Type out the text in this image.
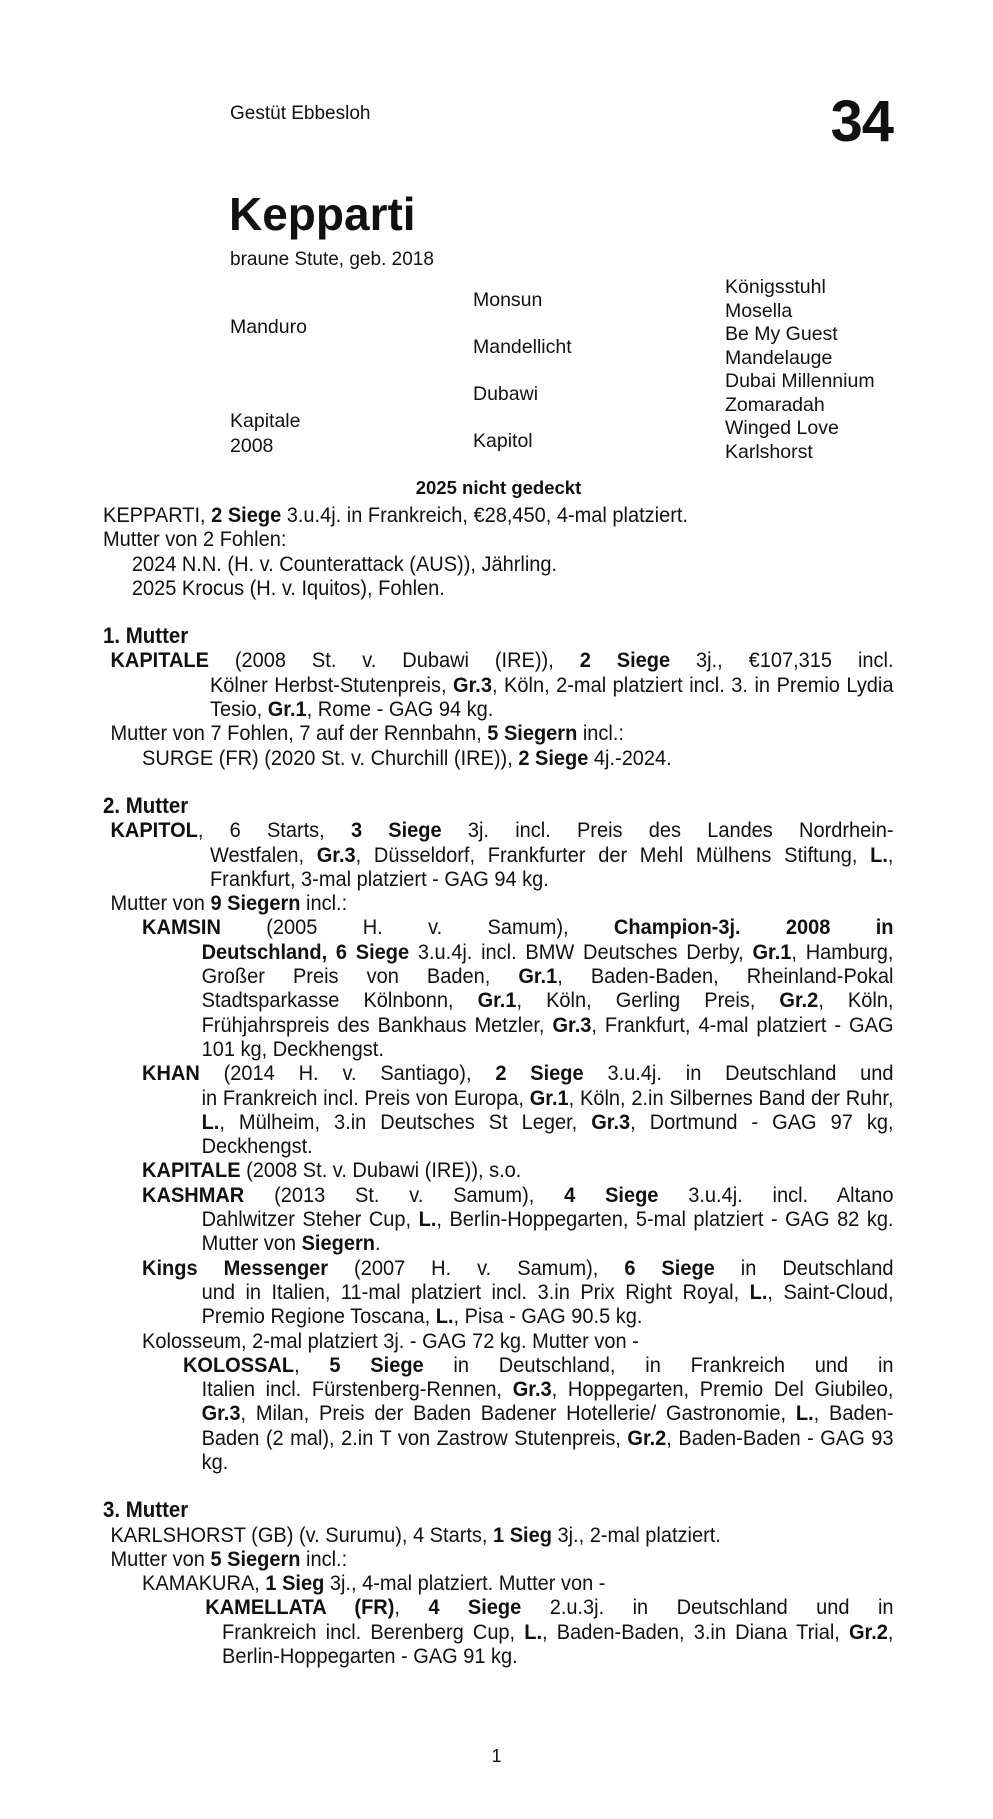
Gestüt Ebbesloh	34
Kepparti
braune Stute, geb. 2018
Manduro
Kapitale
2008
Monsun
Mandellicht
Dubawi
Kapitol
Königsstuhl
Mosella
Be My Guest
Mandelauge
Dubai Millennium
Zomaradah
Winged Love
Karlshorst
2025 nicht gedeckt

KEPPARTI, 2 Siege 3.u.4j. in Frankreich, €28,450, 4-mal platziert.

Mutter von 2 Fohlen:

2024 N.N. (H. v. Counterattack (AUS)), Jährling.

2025 Krocus (H. v. Iquitos), Fohlen.

1. Mutter

KAPITALE (2008 St. v. Dubawi (IRE)), 2 Siege 3j., €107,315 incl.
Kölner Herbst-Stutenpreis, Gr.3, Köln, 2-mal platziert incl. 3. in Premio Lydia Tesio, Gr.1, Rome - GAG 94 kg.

Mutter von 7 Fohlen, 7 auf der Rennbahn, 5 Siegern incl.:

SURGE (FR) (2020 St. v. Churchill (IRE)), 2 Siege 4j.-2024.

2. Mutter

KAPITOL, 6 Starts, 3 Siege 3j. incl. Preis des Landes Nordrhein-
Westfalen, Gr.3, Düsseldorf, Frankfurter der Mehl Mülhens Stiftung, L., Frankfurt, 3-mal platziert - GAG 94 kg.

Mutter von 9 Siegern incl.:

KAMSIN (2005 H. v. Samum), Champion-3j. 2008 in
Deutschland, 6 Siege 3.u.4j. incl. BMW Deutsches Derby, Gr.1, Hamburg, Großer Preis von Baden, Gr.1, Baden-Baden, Rheinland-Pokal Stadtsparkasse Kölnbonn, Gr.1, Köln, Gerling Preis, Gr.2, Köln, Frühjahrspreis des Bankhaus Metzler, Gr.3, Frankfurt, 4-mal platziert - GAG 101 kg, Deckhengst.
KHAN (2014 H. v. Santiago), 2 Siege 3.u.4j. in Deutschland und
in Frankreich incl. Preis von Europa, Gr.1, Köln, 2.in Silbernes Band der Ruhr, L., Mülheim, 3.in Deutsches St Leger, Gr.3, Dortmund - GAG 97 kg, Deckhengst.

KAPITALE (2008 St. v. Dubawi (IRE)), s.o.

KASHMAR (2013 St. v. Samum), 4 Siege 3.u.4j. incl. Altano
Dahlwitzer Steher Cup, L., Berlin-Hoppegarten, 5-mal platziert - GAG 82 kg. Mutter von Siegern.
Kings Messenger (2007 H. v. Samum), 6 Siege in Deutschland
und in Italien, 11-mal platziert incl. 3.in Prix Right Royal, L., Saint-Cloud, Premio Regione Toscana, L., Pisa - GAG 90.5 kg.

Kolosseum, 2-mal platziert 3j. - GAG 72 kg. Mutter von -

KOLOSSAL, 5 Siege in Deutschland, in Frankreich und in
Italien incl. Fürstenberg-Rennen, Gr.3, Hoppegarten, Premio Del Giubileo, Gr.3, Milan, Preis der Baden Badener Hotellerie/ Gastronomie, L., Baden-Baden (2 mal), 2.in T von Zastrow Stutenpreis, Gr.2, Baden-Baden - GAG 93 kg.

3. Mutter

KARLSHORST (GB) (v. Surumu), 4 Starts, 1 Sieg 3j., 2-mal platziert.

Mutter von 5 Siegern incl.:

KAMAKURA, 1 Sieg 3j., 4-mal platziert. Mutter von -

KAMELLATA (FR), 4 Siege 2.u.3j. in Deutschland und in
Frankreich incl. Berenberg Cup, L., Baden-Baden, 3.in Diana Trial, Gr.2, Berlin-Hoppegarten - GAG 91 kg.
1
